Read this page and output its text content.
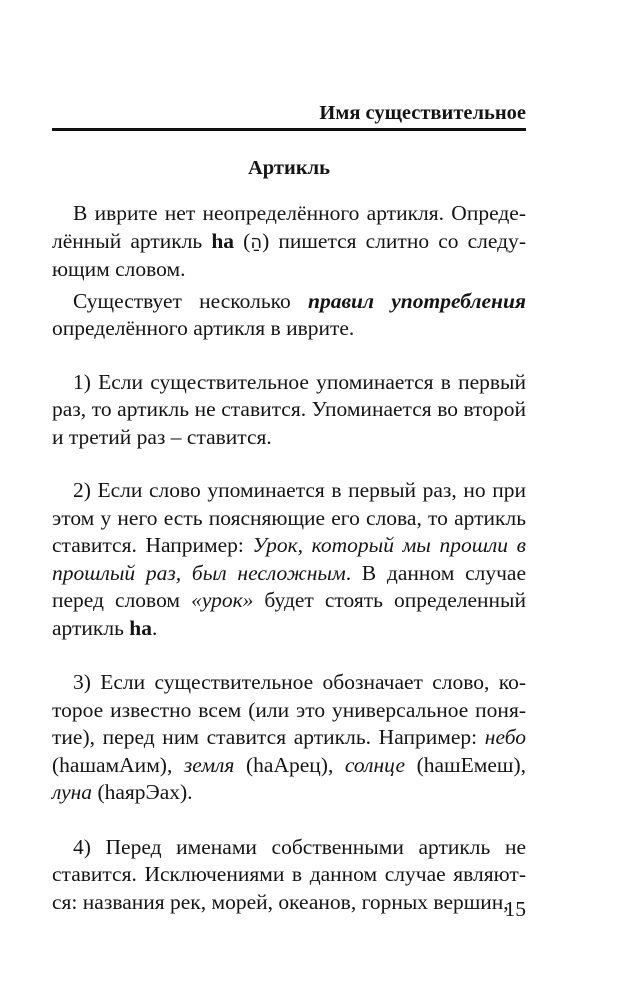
Имя существительное
Артикль

В иврите нет неопределённого артикля. Определённый артикль ha (הַ) пишется слитно со следующим словом.

Существует несколько правил употребления определённого артикля в иврите.

1) Если существительное упоминается в первый раз, то артикль не ставится. Упоминается во второй и третий раз – ставится.

2) Если слово упоминается в первый раз, но при этом у него есть поясняющие его слова, то артикль ставится. Например: Урок, который мы прошли в прошлый раз, был несложным. В данном случае перед словом «урок» будет стоять определенный артикль ha.

3) Если существительное обозначает слово, которое известно всем (или это универсальное понятие), перед ним ставится артикль. Например: небо (hашамАим), земля (haАрец), солнце (hашЕмеш), луна (haярЭах).

4) Перед именами собственными артикль не ставится. Исключениями в данном случае являются: названия рек, морей, океанов, горных вершин,

15
